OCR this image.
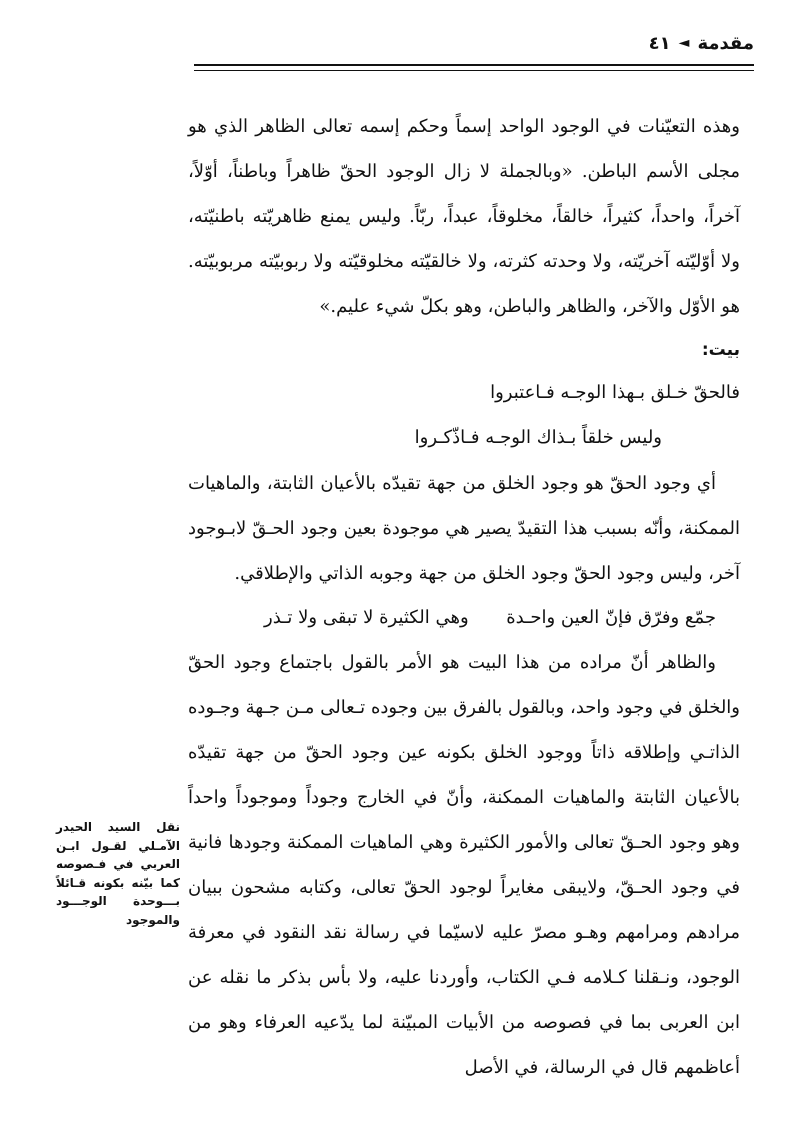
مقدمة
◄
٤١

وهذه التعيّنات في الوجود الواحد إسماً وحكم إسمه تعالى الظاهر الذي هو مجلى الأسم الباطن. «وبالجملة لا زال الوجود الحقّ ظاهراً وباطناً، أوّلاً، آخراً، واحداً، كثيراً، خالقاً، مخلوقاً، عبداً، ربّاً. وليس يمنع ظاهريّته باطنيّته، ولا أوّليّته آخريّته، ولا وحدته كثرته، ولا خالقيّته مخلوقيّته ولا ربوبيّته مربوبيّته. هو الأوّل والآخر، والظاهر والباطن، وهو بكلّ شيء عليم.»

بيت:

فالحقّ خـلق بـهذا الوجـه فـاعتبروا

وليس خلقاً بـذاك الوجـه فـاذّكـروا

أي وجود الحقّ هو وجود الخلق من جهة تقيدّه بالأعيان الثابتة، والماهيات الممكنة، وأنّه بسبب هذا التقيدّ يصير هي موجودة بعين وجود الحـقّ لابـوجود آخر، وليس وجود الحقّ وجود الخلق من جهة وجوبه الذاتي والإطلاقي.

جمّع وفرّق فإنّ العين واحـدة
وهي الكثيرة لا تبقى ولا تـذر

والظاهر أنّ مراده من هذا البيت هو الأمر بالقول باجتماع وجود الحقّ والخلق في وجود واحد، وبالقول بالفرق بين وجوده تـعالى مـن جـهة وجـوده الذاتـي وإطلاقه ذاتاً ووجود الخلق بكونه عين وجود الحقّ من جهة تقيدّه بالأعيان الثابتة والماهيات الممكنة، وأنّ في الخارج وجوداً وموجوداً واحداً وهو وجود الحـقّ تعالى والأمور الكثيرة وهي الماهيات الممكنة وجودها فانية في وجود الحـقّ، ولايبقى مغايراً لوجود الحقّ تعالى، وكتابه مشحون ببيان مرادهم ومرامهم وهـو مصرّ عليه لاسيّما في رسالة نقد النقود في معرفة الوجود، ونـقلنا كـلامه فـي الكتاب، وأوردنا عليه، ولا بأس بذكر ما نقله عن ابن العربى بما في فصوصه من الأبيات المبيّنة لما يدّعيه العرفاء وهو من أعاظمهم قال في الرسالة، في الأصل

نقل السيد الحيدر الآمـلي لقـول ابـن العربي في فـصوصه كما بيّنه بكونه قـائلاً بـــوحدة الوجـــود والموجود
